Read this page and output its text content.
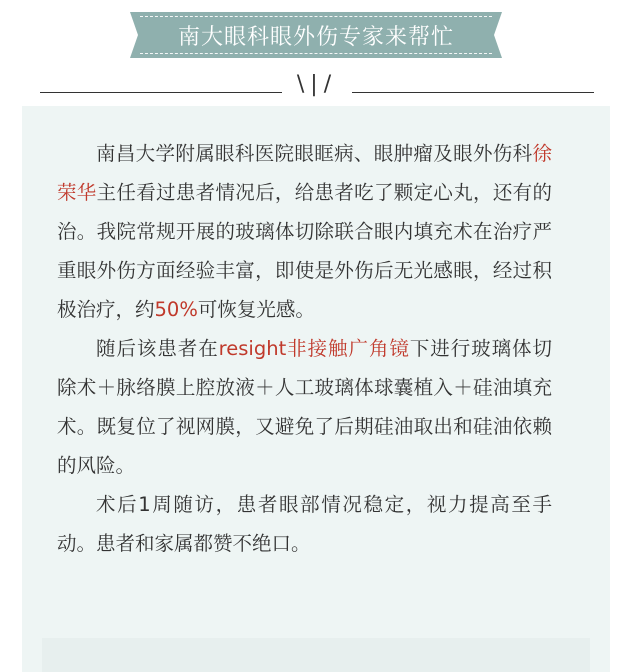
南大眼科眼外伤专家来帮忙
\|/

南昌大学附属眼科医院眼眶病、眼肿瘤及眼外伤科徐荣华主任看过患者情况后，给患者吃了颗定心丸，还有的治。我院常规开展的玻璃体切除联合眼内填充术在治疗严重眼外伤方面经验丰富，即使是外伤后无光感眼，经过积极治疗，约50%可恢复光感。

随后该患者在resight非接触广角镜下进行玻璃体切除术＋脉络膜上腔放液＋人工玻璃体球囊植入＋硅油填充术。既复位了视网膜，又避免了后期硅油取出和硅油依赖的风险。

术后1周随访，患者眼部情况稳定，视力提高至手动。患者和家属都赞不绝口。
